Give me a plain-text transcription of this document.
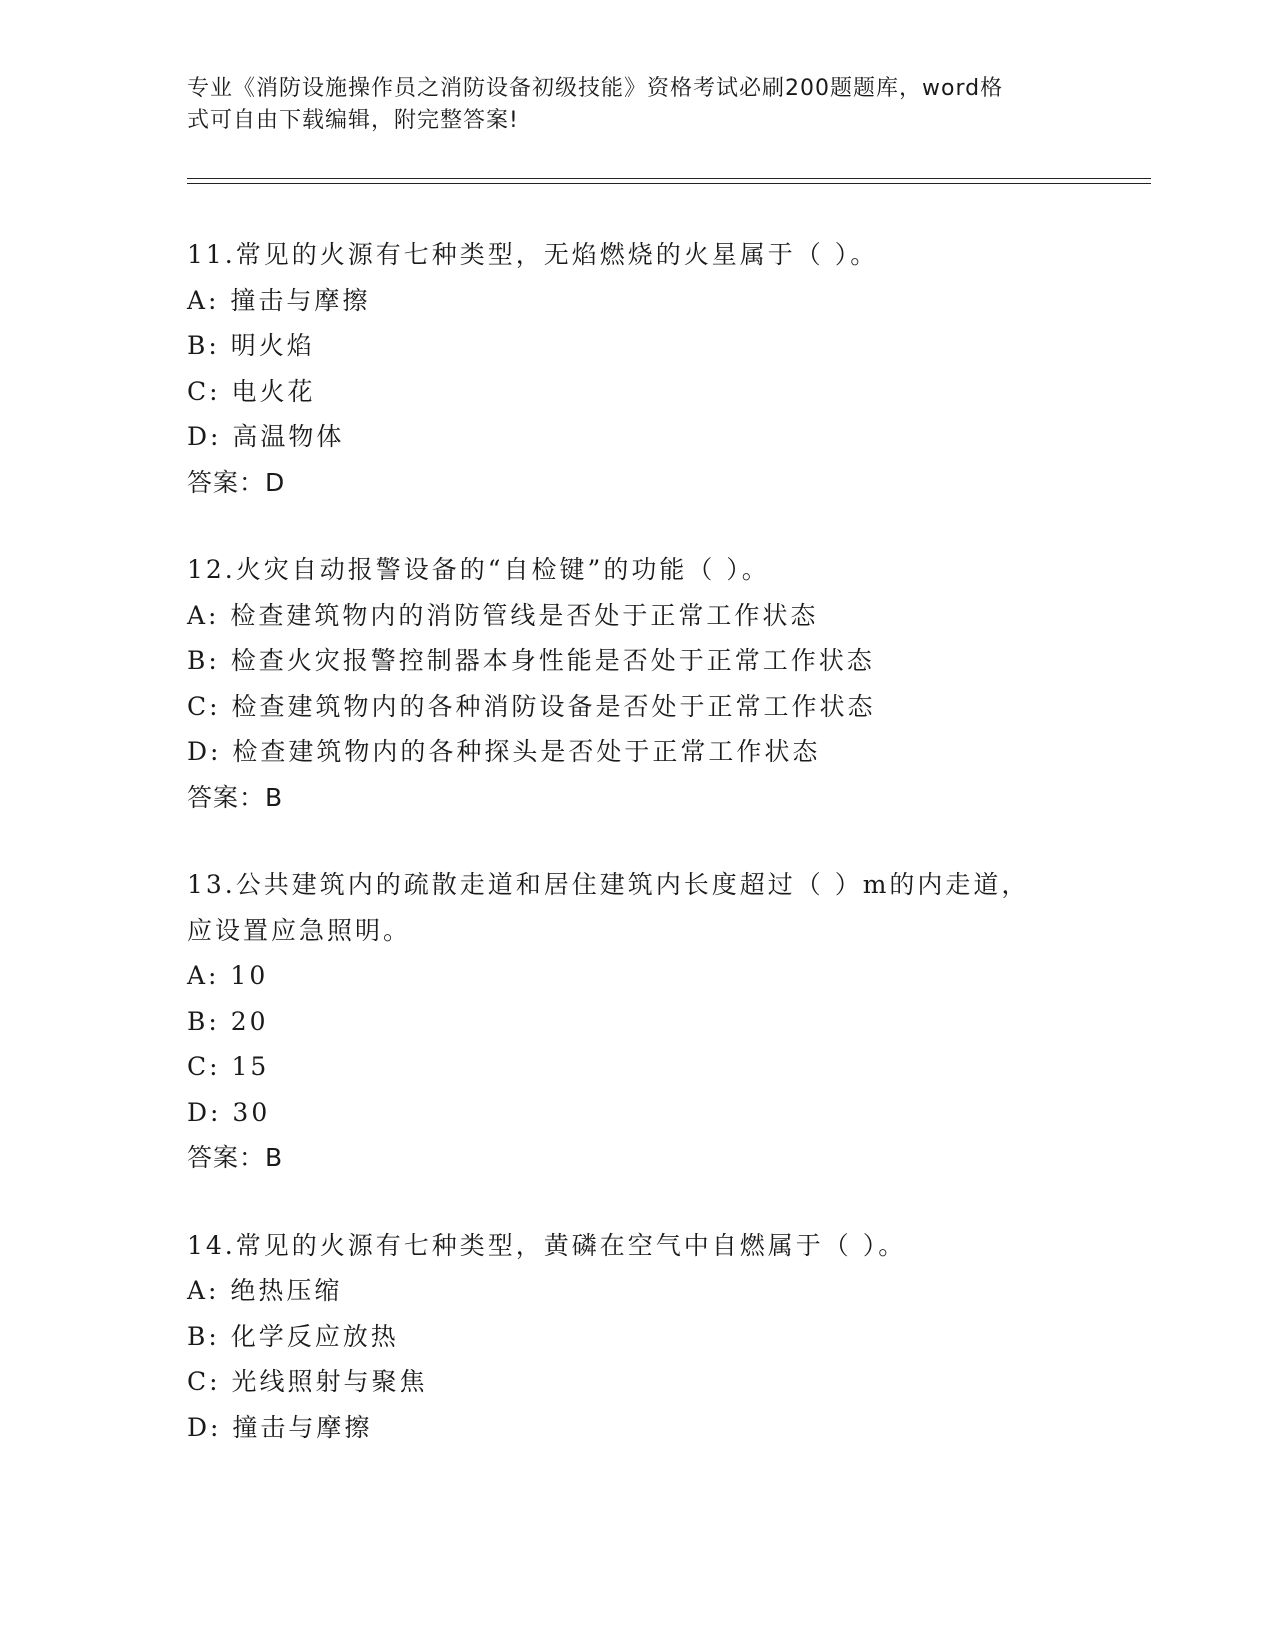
专业《消防设施操作员之消防设备初级技能》资格考试必刷200题题库，word格
式可自由下载编辑，附完整答案!
11.常见的火源有七种类型，无焰燃烧的火星属于（ ）。
A: 撞击与摩擦
B: 明火焰
C: 电火花
D: 高温物体
答案：D
12.火灾自动报警设备的“自检键”的功能（ ）。
A: 检查建筑物内的消防管线是否处于正常工作状态
B: 检查火灾报警控制器本身性能是否处于正常工作状态
C: 检查建筑物内的各种消防设备是否处于正常工作状态
D: 检查建筑物内的各种探头是否处于正常工作状态
答案：B
13.公共建筑内的疏散走道和居住建筑内长度超过（ ）m的内走道，
应设置应急照明。
A: 10
B: 20
C: 15
D: 30
答案：B
14.常见的火源有七种类型，黄磷在空气中自燃属于（ ）。
A: 绝热压缩
B: 化学反应放热
C: 光线照射与聚焦
D: 撞击与摩擦
